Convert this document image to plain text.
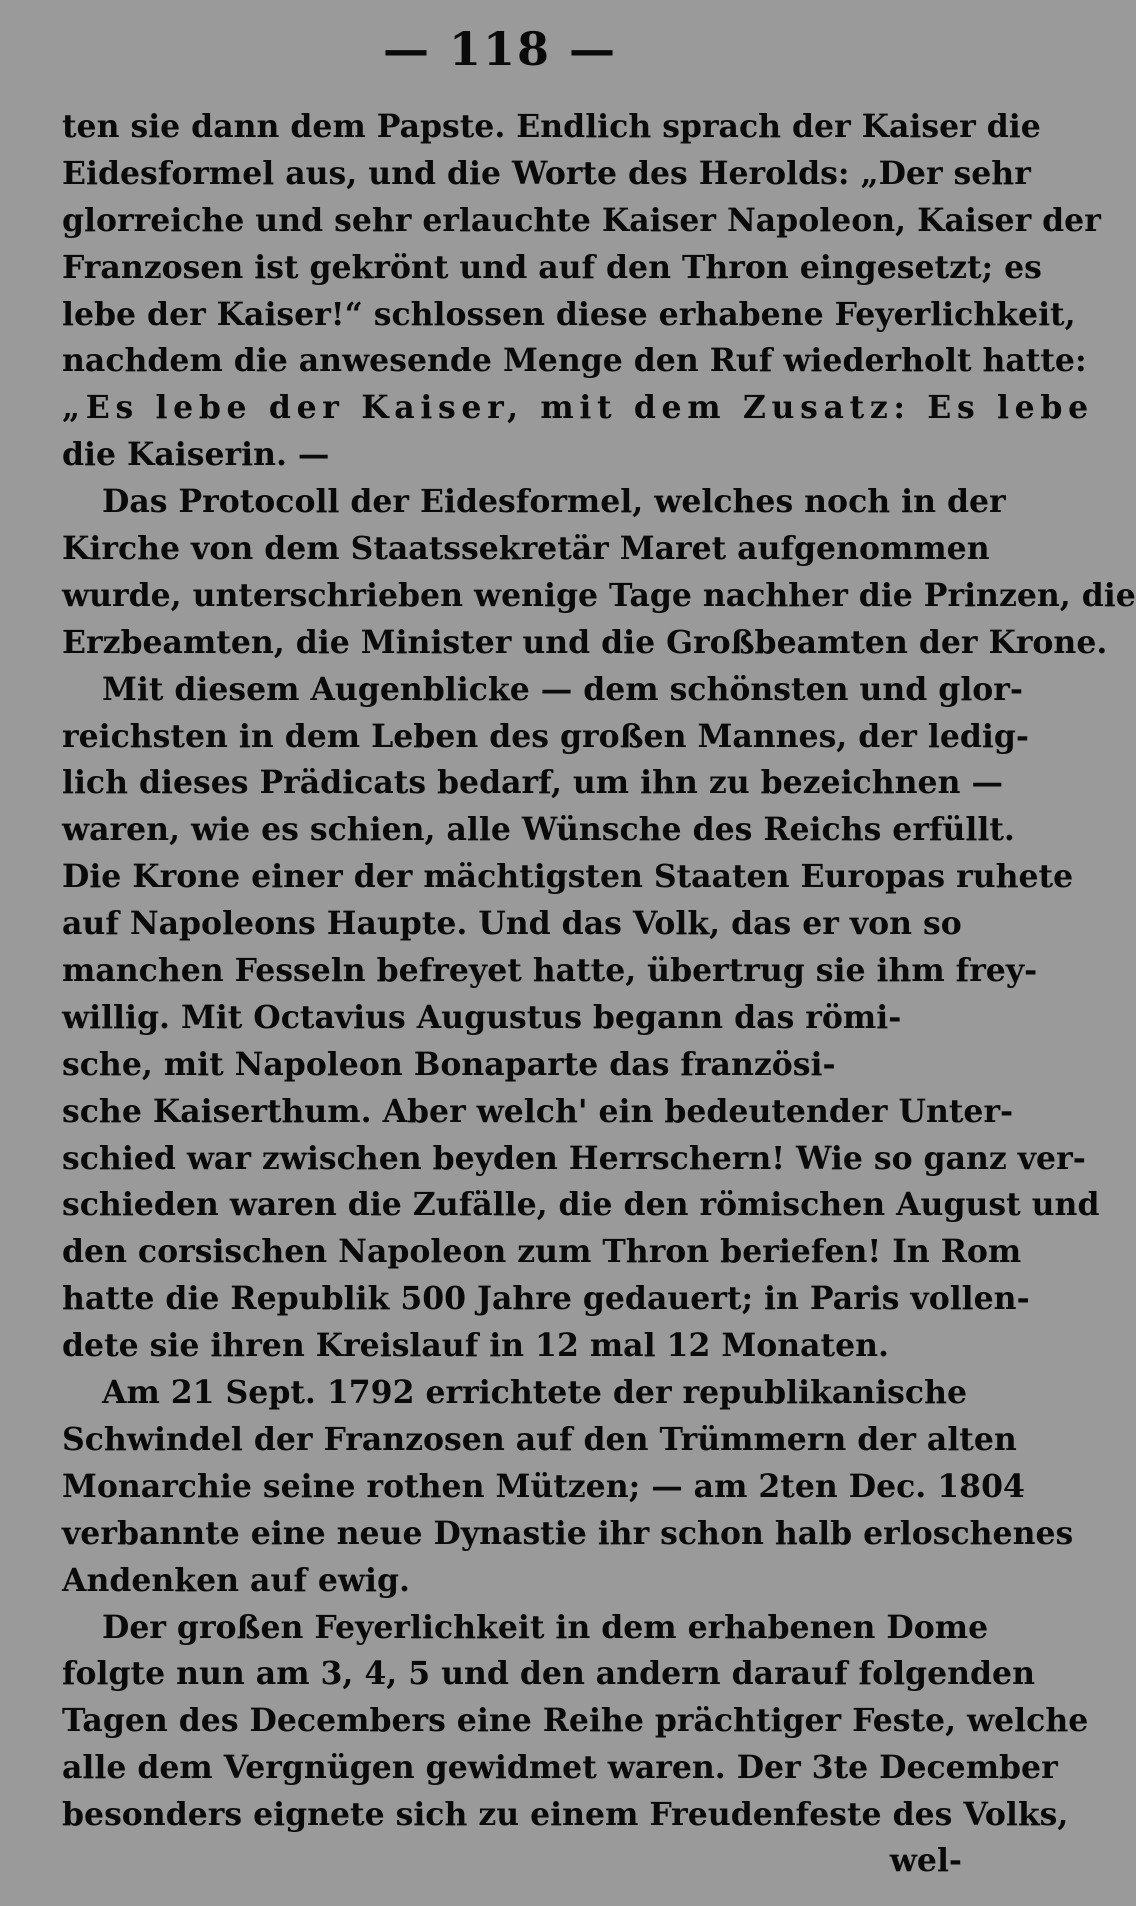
— 118 —
ten sie dann dem Papste. Endlich sprach der Kaiser die
Eidesformel aus, und die Worte des Herolds: „Der sehr
glorreiche und sehr erlauchte Kaiser Napoleon, Kaiser der
Franzosen ist gekrönt und auf den Thron eingesetzt; es
lebe der Kaiser!“ schlossen diese erhabene Feyerlichkeit,
nachdem die anwesende Menge den Ruf wiederholt hatte:
„Es lebe der Kaiser, mit dem Zusatz: Es lebe
die Kaiserin. —
Das Protocoll der Eidesformel, welches noch in der
Kirche von dem Staatssekretär Maret aufgenommen
wurde, unterschrieben wenige Tage nachher die Prinzen, die
Erzbeamten, die Minister und die Großbeamten der Krone.
Mit diesem Augenblicke — dem schönsten und glor-
reichsten in dem Leben des großen Mannes, der ledig-
lich dieses Prädicats bedarf, um ihn zu bezeichnen —
waren, wie es schien, alle Wünsche des Reichs erfüllt.
Die Krone einer der mächtigsten Staaten Europas ruhete
auf Napoleons Haupte. Und das Volk, das er von so
manchen Fesseln befreyet hatte, übertrug sie ihm frey-
willig. Mit Octavius Augustus begann das römi-
sche, mit Napoleon Bonaparte das französi-
sche Kaiserthum. Aber welch' ein bedeutender Unter-
schied war zwischen beyden Herrschern! Wie so ganz ver-
schieden waren die Zufälle, die den römischen August und
den corsischen Napoleon zum Thron beriefen! In Rom
hatte die Republik 500 Jahre gedauert; in Paris vollen-
dete sie ihren Kreislauf in 12 mal 12 Monaten.
Am 21 Sept. 1792 errichtete der republikanische
Schwindel der Franzosen auf den Trümmern der alten
Monarchie seine rothen Mützen; — am 2ten Dec. 1804
verbannte eine neue Dynastie ihr schon halb erloschenes
Andenken auf ewig.
Der großen Feyerlichkeit in dem erhabenen Dome
folgte nun am 3, 4, 5 und den andern darauf folgenden
Tagen des Decembers eine Reihe prächtiger Feste, welche
alle dem Vergnügen gewidmet waren. Der 3te December
besonders eignete sich zu einem Freudenfeste des Volks,
wel-
